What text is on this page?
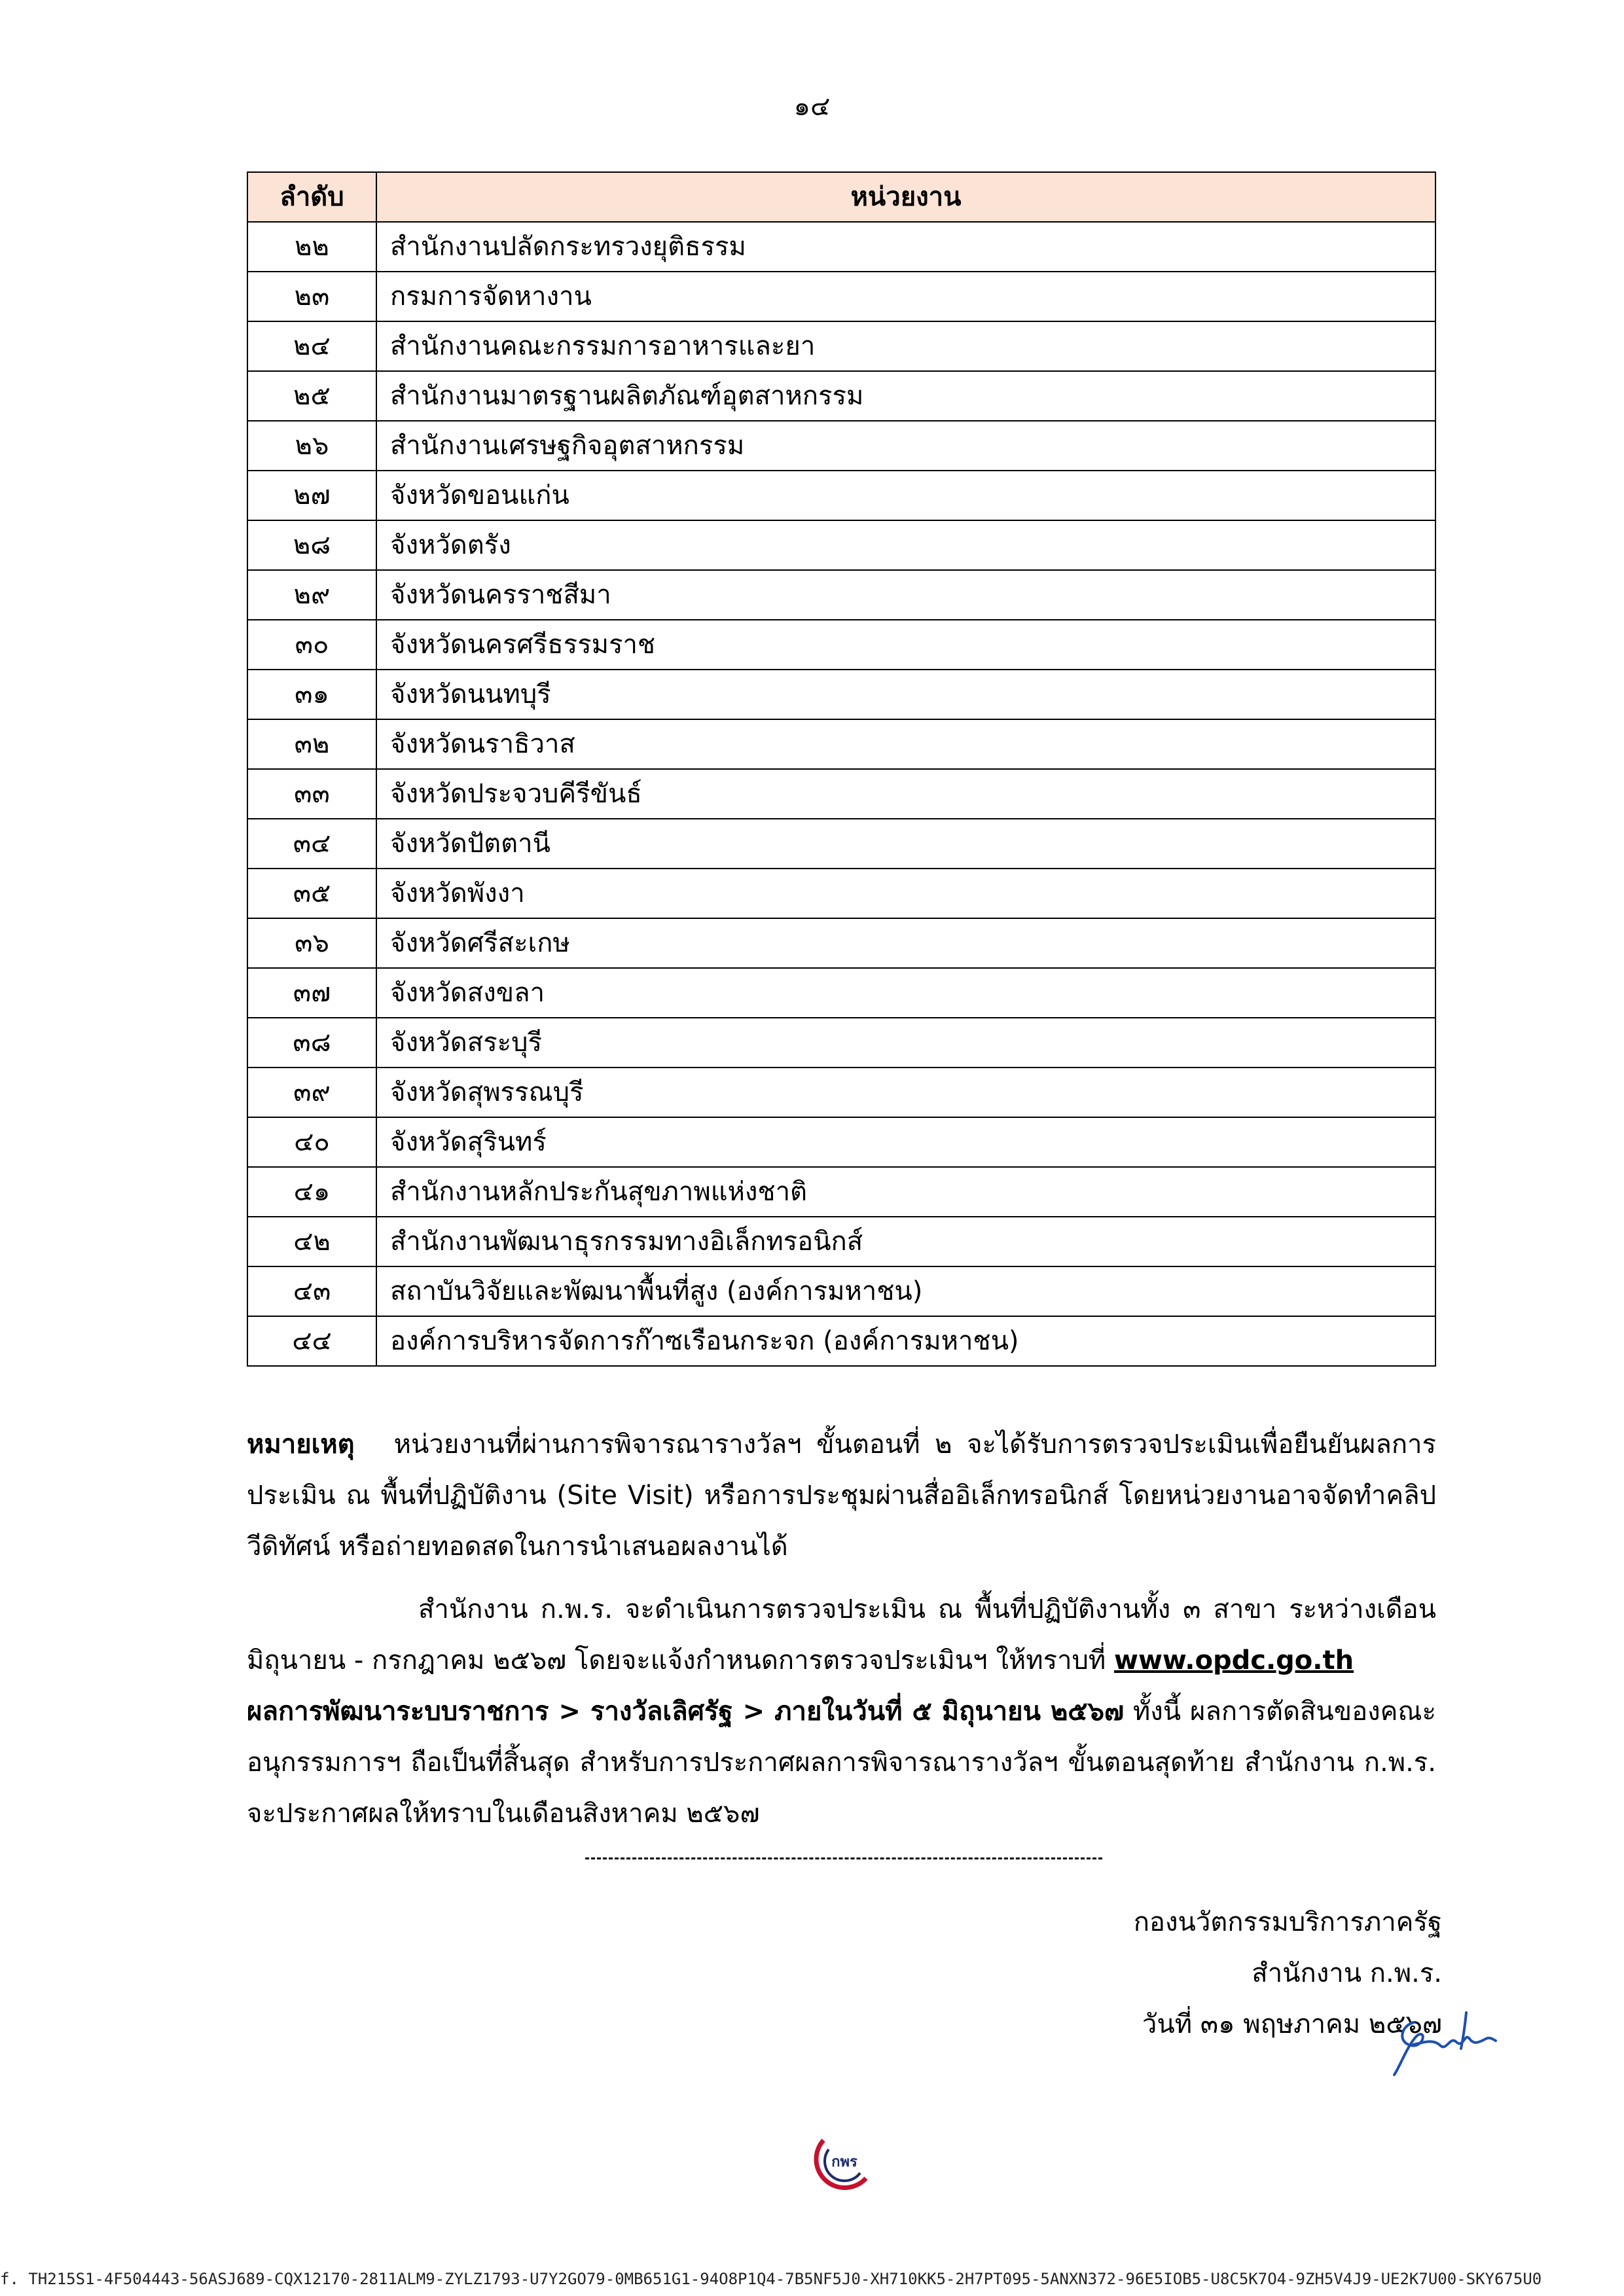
๑๔
ลำดับ	หน่วยงาน
๒๒	สำนักงานปลัดกระทรวงยุติธรรม
๒๓	กรมการจัดหางาน
๒๔	สำนักงานคณะกรรมการอาหารและยา
๒๕	สำนักงานมาตรฐานผลิตภัณฑ์อุตสาหกรรม
๒๖	สำนักงานเศรษฐกิจอุตสาหกรรม
๒๗	จังหวัดขอนแก่น
๒๘	จังหวัดตรัง
๒๙	จังหวัดนครราชสีมา
๓๐	จังหวัดนครศรีธรรมราช
๓๑	จังหวัดนนทบุรี
๓๒	จังหวัดนราธิวาส
๓๓	จังหวัดประจวบคีรีขันธ์
๓๔	จังหวัดปัตตานี
๓๕	จังหวัดพังงา
๓๖	จังหวัดศรีสะเกษ
๓๗	จังหวัดสงขลา
๓๘	จังหวัดสระบุรี
๓๙	จังหวัดสุพรรณบุรี
๔๐	จังหวัดสุรินทร์
๔๑	สำนักงานหลักประกันสุขภาพแห่งชาติ
๔๒	สำนักงานพัฒนาธุรกรรมทางอิเล็กทรอนิกส์
๔๓	สถาบันวิจัยและพัฒนาพื้นที่สูง (องค์การมหาชน)
๔๔	องค์การบริหารจัดการก๊าซเรือนกระจก (องค์การมหาชน)
หมายเหตุ หน่วยงานที่ผ่านการพิจารณารางวัลฯ ขั้นตอนที่ ๒ จะได้รับการตรวจประเมินเพื่อยืนยันผลการประเมิน ณ พื้นที่ปฏิบัติงาน (Site Visit) หรือการประชุมผ่านสื่ออิเล็กทรอนิกส์ โดยหน่วยงานอาจจัดทำคลิปวีดิทัศน์ หรือถ่ายทอดสดในการนำเสนอผลงานได้
สำนักงาน ก.พ.ร. จะดำเนินการตรวจประเมิน ณ พื้นที่ปฏิบัติงานทั้ง ๓ สาขา ระหว่างเดือนมิถุนายน - กรกฎาคม ๒๕๖๗ โดยจะแจ้งกำหนดการตรวจประเมินฯ ให้ทราบที่ www.opdc.go.th
ผลการพัฒนาระบบราชการ > รางวัลเลิศรัฐ > ภายในวันที่ ๕ มิถุนายน ๒๕๖๗ ทั้งนี้ ผลการตัดสินของคณะอนุกรรมการฯ ถือเป็นที่สิ้นสุด สำหรับการประกาศผลการพิจารณารางวัลฯ ขั้นตอนสุดท้าย สำนักงาน ก.พ.ร. จะประกาศผลให้ทราบในเดือนสิงหาคม ๒๕๖๗
กองนวัตกรรมบริการภาครัฐ
สำนักงาน ก.พ.ร.
วันที่ ๓๑ พฤษภาคม ๒๕๖๗
กพร
f. TH215S1-4F504443-56ASJ689-CQX12170-2811ALM9-ZYLZ1793-U7Y2GO79-0MB651G1-94O8P1Q4-7B5NF5J0-XH710KK5-2H7PT095-5ANXN372-96E5IOB5-U8C5K7O4-9ZH5V4J9-UE2K7U00-SKY675U0
